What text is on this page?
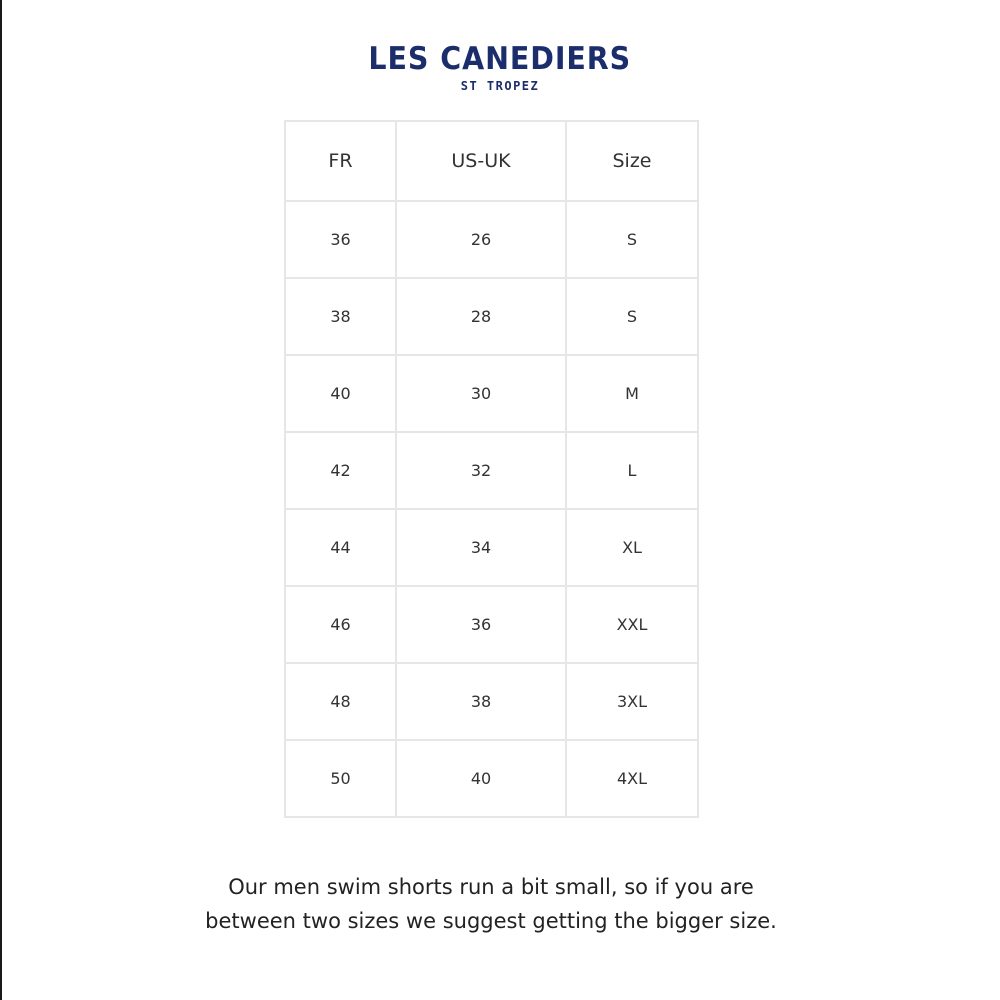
LES CANEDIERS
ST TROPEZ
FR	US-UK	Size
36	26	S
38	28	S
40	30	M
42	32	L
44	34	XL
46	36	XXL
48	38	3XL
50	40	4XL
Our men swim shorts run a bit small, so if you are between two sizes we suggest getting the bigger size.
